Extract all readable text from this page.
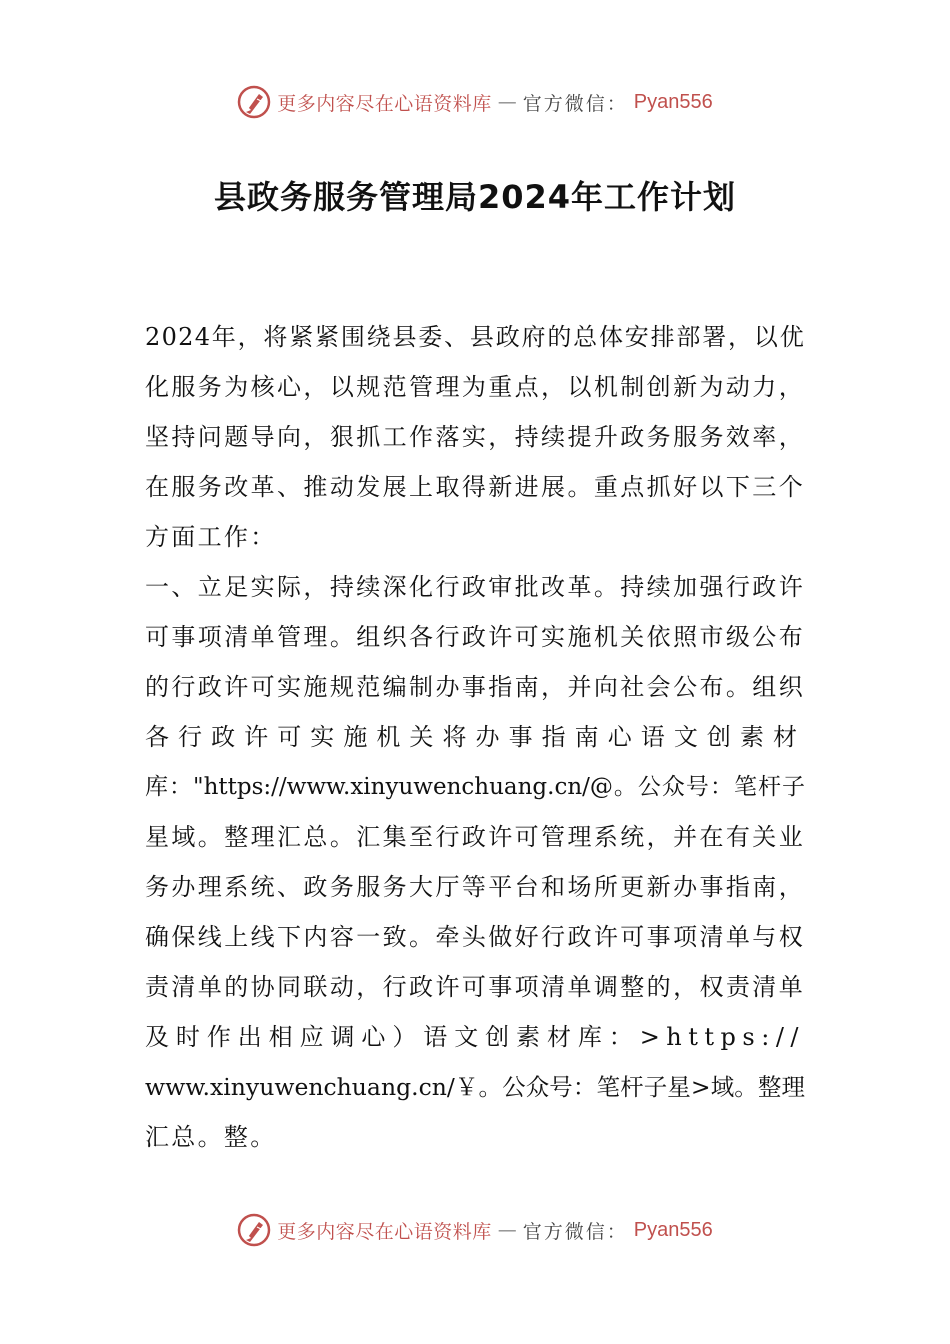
更多内容尽在心语资料库 — 官方微信： Pyan556
县政务服务管理局2024年工作计划
2024年，将紧紧围绕县委、县政府的总体安排部署，以优
化服务为核心，以规范管理为重点，以机制创新为动力，
坚持问题导向，狠抓工作落实，持续提升政务服务效率，
在服务改革、推动发展上取得新进展。重点抓好以下三个
方面工作：
一、立足实际，持续深化行政审批改革。持续加强行政许
可事项清单管理。组织各行政许可实施机关依照市级公布
的行政许可实施规范编制办事指南，并向社会公布。组织
各行政许可实施机关将办事指南心语文创素材
库："https://www.xinyuwenchuang.cn/@。公众号：笔杆子
星域。整理汇总。汇集至行政许可管理系统，并在有关业
务办理系统、政务服务大厅等平台和场所更新办事指南，
确保线上线下内容一致。牵头做好行政许可事项清单与权
责清单的协同联动，行政许可事项清单调整的，权责清单
及时作出相应调心）语文创素材库：>https://
www.xinyuwenchuang.cn/￥。公众号：笔杆子星>域。整理
汇总。整。
更多内容尽在心语资料库 — 官方微信： Pyan556
